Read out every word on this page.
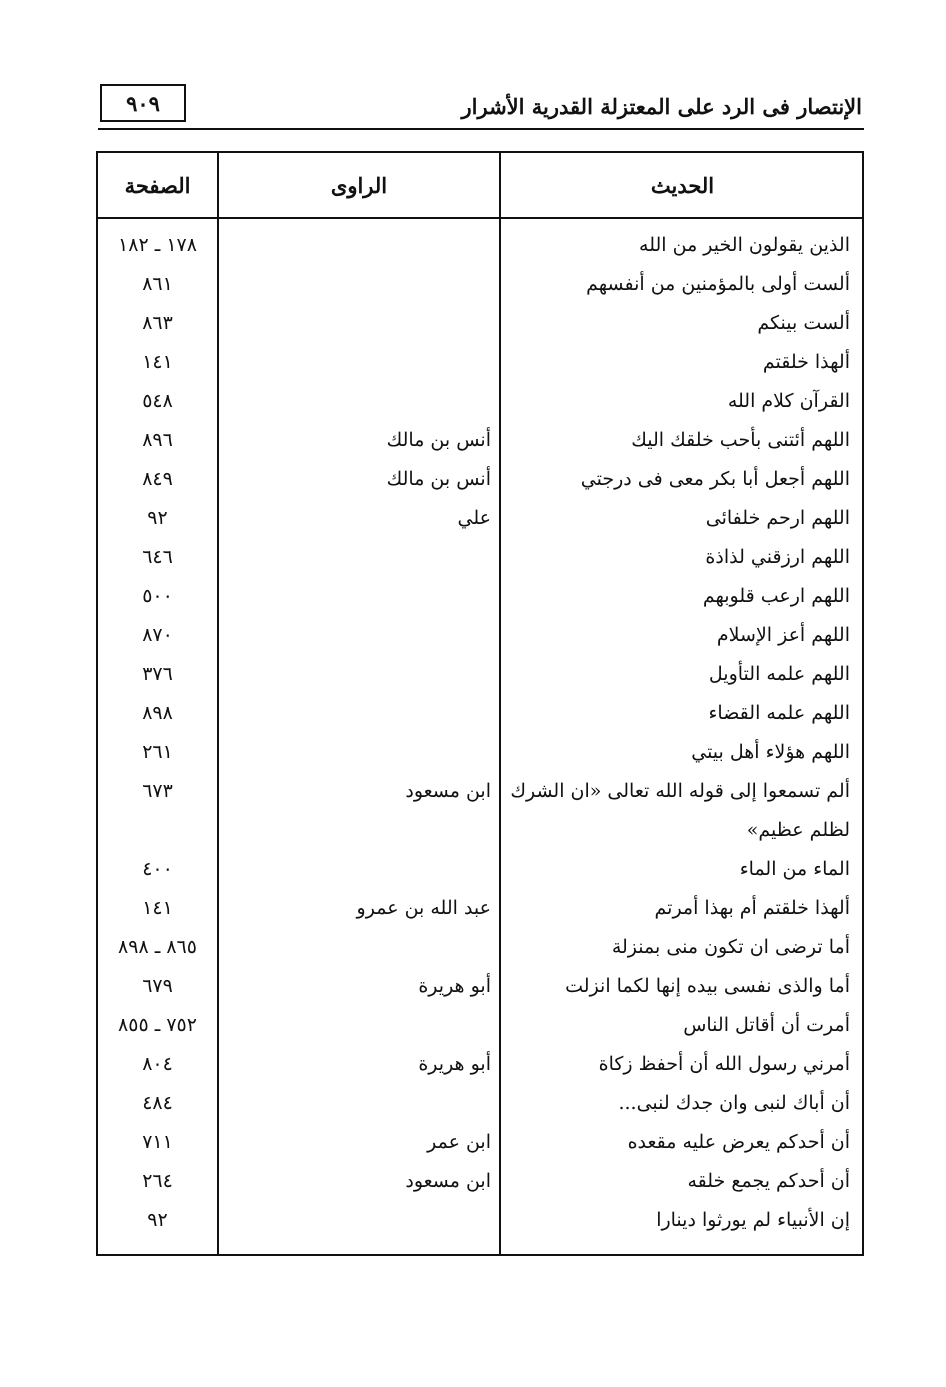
٩٠٩	الإنتصار فى الرد على المعتزلة القدرية الأشرار
الحديث
الراوى
الصفحة
الذين يقولون الخير من الله
١٧٨ ـ ١٨٢
ألست أولى بالمؤمنين من أنفسهم
٨٦١
ألست بينكم
٨٦٣
ألهذا خلقتم
١٤١
القرآن كلام الله
٥٤٨
اللهم أئتنى بأحب خلقك اليك
أنس بن مالك
٨٩٦
اللهم أجعل أبا بكر معى فى درجتي
أنس بن مالك
٨٤٩
اللهم ارحم خلفائى
علي
٩٢
اللهم ارزقني لذاذة
٦٤٦
اللهم ارعب قلوبهم
٥٠٠
اللهم أعز الإسلام
٨٧٠
اللهم علمه التأويل
٣٧٦
اللهم علمه القضاء
٨٩٨
اللهم هؤلاء أهل بيتي
٢٦١
ألم تسمعوا إلى قوله الله تعالى «ان الشرك لظلم عظيم»
ابن مسعود
٦٧٣
الماء من الماء
٤٠٠
ألهذا خلقتم أم بهذا أمرتم
عبد الله بن عمرو
١٤١
أما ترضى ان تكون منى بمنزلة
٨٦٥ ـ ٨٩٨
أما والذى نفسى بيده إنها لكما انزلت
أبو هريرة
٦٧٩
أمرت أن أقاتل الناس
٧٥٢ ـ ٨٥٥
أمرني رسول الله أن أحفظ زكاة
أبو هريرة
٨٠٤
أن أباك لنبى وان جدك لنبى...
٤٨٤
أن أحدكم يعرض عليه مقعده
ابن عمر
٧١١
أن أحدكم يجمع خلقه
ابن مسعود
٢٦٤
إن الأنبياء لم يورثوا دينارا
٩٢
